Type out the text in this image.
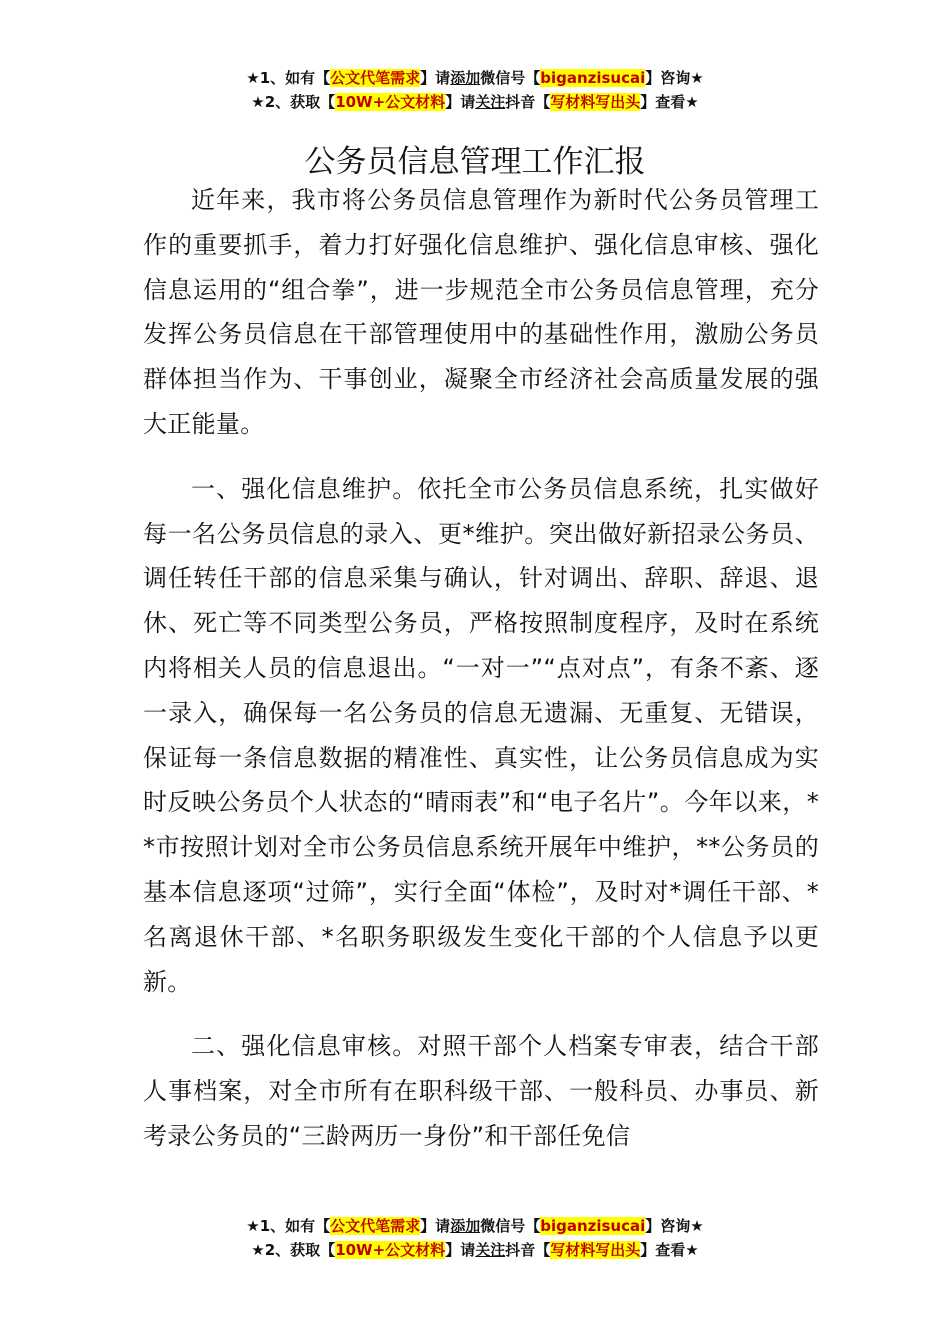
★1、如有【公文代笔需求】请添加微信号【biganzisucai】咨询★
★2、获取【10W+公文材料】请关注抖音【写材料写出头】查看★
公务员信息管理工作汇报

近年来，我市将公务员信息管理作为新时代公务员管理工作的重要抓手，着力打好强化信息维护、强化信息审核、强化信息运用的“组合拳”，进一步规范全市公务员信息管理，充分发挥公务员信息在干部管理使用中的基础性作用，激励公务员群体担当作为、干事创业，凝聚全市经济社会高质量发展的强大正能量。

一、强化信息维护。依托全市公务员信息系统，扎实做好每一名公务员信息的录入、更*维护。突出做好新招录公务员、调任转任干部的信息采集与确认，针对调出、辞职、辞退、退休、死亡等不同类型公务员，严格按照制度程序，及时在系统内将相关人员的信息退出。“一对一”“点对点”，有条不紊、逐一录入，确保每一名公务员的信息无遗漏、无重复、无错误，保证每一条信息数据的精准性、真实性，让公务员信息成为实时反映公务员个人状态的“晴雨表”和“电子名片”。今年以来，**市按照计划对全市公务员信息系统开展年中维护，**公务员的基本信息逐项“过筛”，实行全面“体检”，及时对*调任干部、*名离退休干部、*名职务职级发生变化干部的个人信息予以更新。

二、强化信息审核。对照干部个人档案专审表，结合干部人事档案，对全市所有在职科级干部、一般科员、办事员、新考录公务员的“三龄两历一身份”和干部任免信

★1、如有【公文代笔需求】请添加微信号【biganzisucai】咨询★
★2、获取【10W+公文材料】请关注抖音【写材料写出头】查看★
